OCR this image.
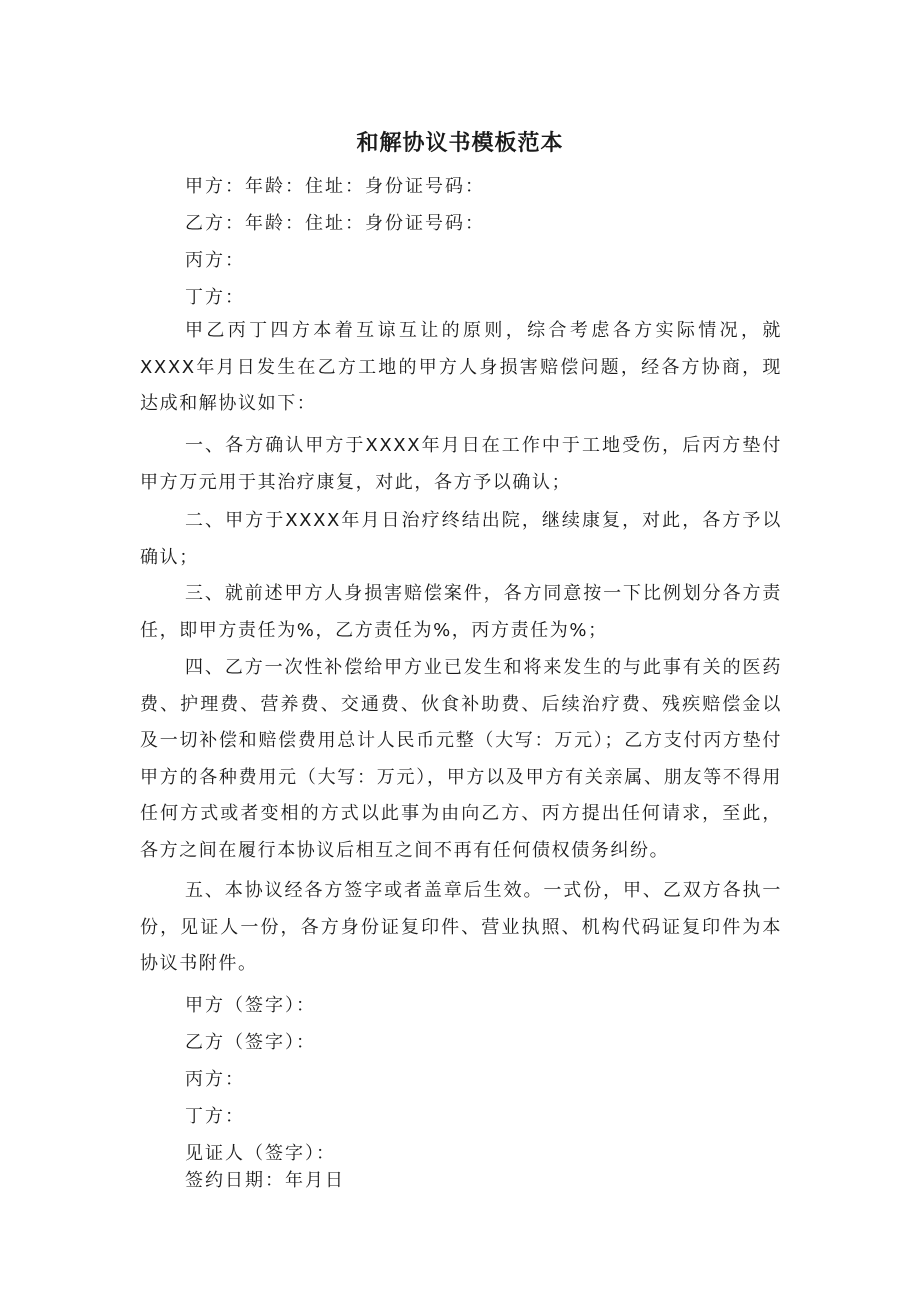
和解协议书模板范本

甲方：年龄：住址：身份证号码：

乙方：年龄：住址：身份证号码：

丙方：

丁方：

甲乙丙丁四方本着互谅互让的原则，综合考虑各方实际情况，就XXXX年月日发生在乙方工地的甲方人身损害赔偿问题，经各方协商，现达成和解协议如下：

一、各方确认甲方于XXXX年月日在工作中于工地受伤，后丙方垫付甲方万元用于其治疗康复，对此，各方予以确认；

二、甲方于XXXX年月日治疗终结出院，继续康复，对此，各方予以确认；

三、就前述甲方人身损害赔偿案件，各方同意按一下比例划分各方责任，即甲方责任为%，乙方责任为%，丙方责任为%；

四、乙方一次性补偿给甲方业已发生和将来发生的与此事有关的医药费、护理费、营养费、交通费、伙食补助费、后续治疗费、残疾赔偿金以及一切补偿和赔偿费用总计人民币元整（大写：万元）；乙方支付丙方垫付甲方的各种费用元（大写：万元），甲方以及甲方有关亲属、朋友等不得用任何方式或者变相的方式以此事为由向乙方、丙方提出任何请求，至此，各方之间在履行本协议后相互之间不再有任何债权债务纠纷。

五、本协议经各方签字或者盖章后生效。一式份，甲、乙双方各执一份，见证人一份，各方身份证复印件、营业执照、机构代码证复印件为本协议书附件。

甲方（签字）：

乙方（签字）：

丙方：

丁方：

见证人（签字）：

签约日期：年月日
